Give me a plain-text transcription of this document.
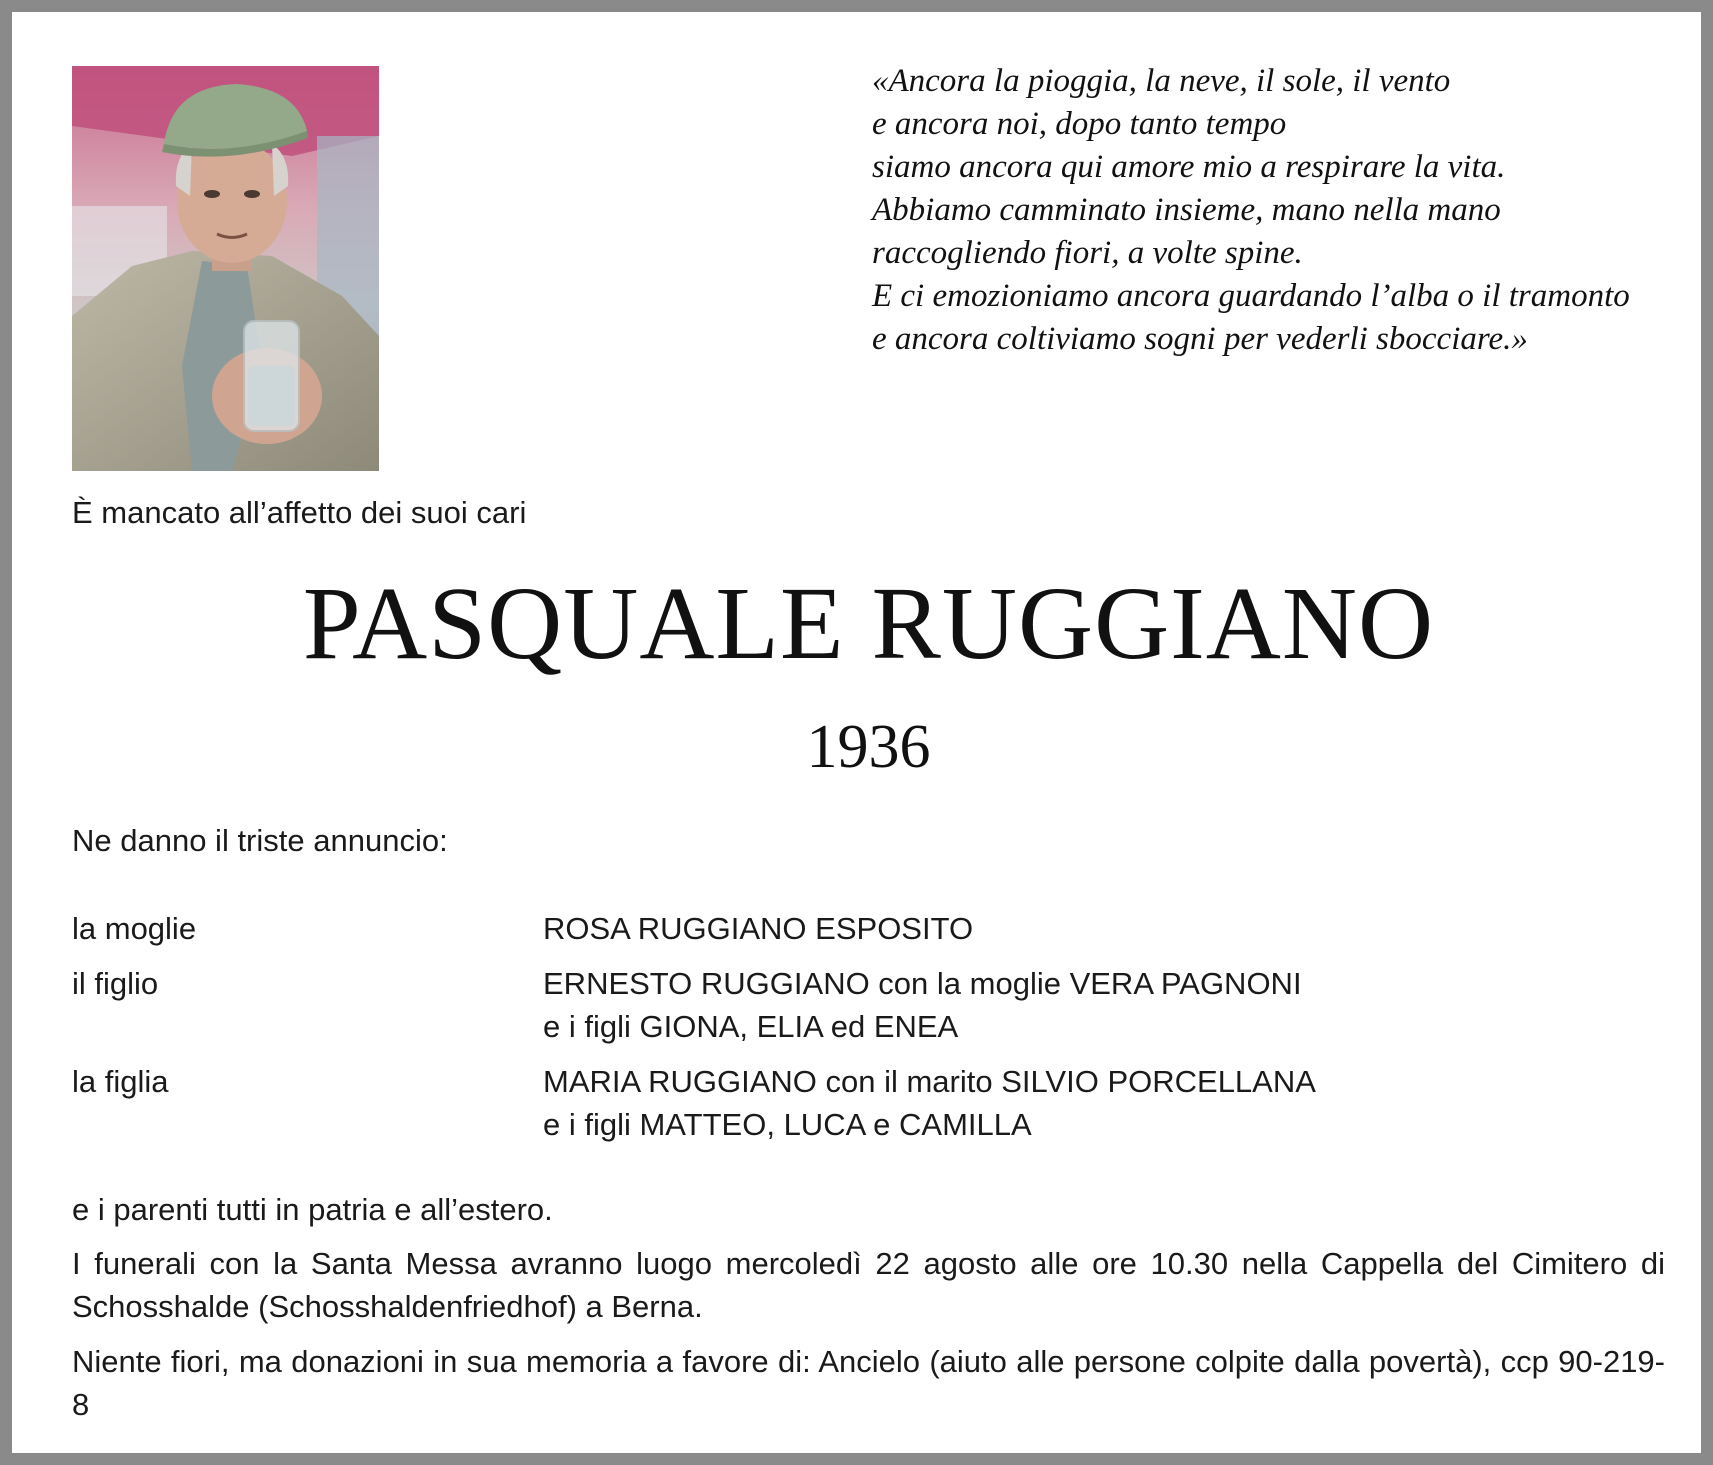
«Ancora la pioggia, la neve, il sole, il vento
e ancora noi, dopo tanto tempo
siamo ancora qui amore mio a respirare la vita.
Abbiamo camminato insieme, mano nella mano
raccogliendo fiori, a volte spine.
E ci emozioniamo ancora guardando l’alba o il tramonto
e ancora coltiviamo sogni per vederli sbocciare.»
È mancato all’affetto dei suoi cari
PASQUALE RUGGIANO
1936
Ne danno il triste annuncio:
la moglie	ROSA RUGGIANO ESPOSITO
il figlio	ERNESTO RUGGIANO con la moglie VERA PAGNONI
e i figli GIONA, ELIA ed ENEA
la figlia	MARIA RUGGIANO con il marito SILVIO PORCELLANA
e i figli MATTEO, LUCA e CAMILLA
e i parenti tutti in patria e all’estero.
I funerali con la Santa Messa avranno luogo mercoledì 22 agosto alle ore 10.30 nella Cappella del Cimitero di Schosshalde (Schosshaldenfriedhof) a Berna.
Niente fiori, ma donazioni in sua memoria a favore di: Ancielo (aiuto alle persone colpite dalla povertà), ccp 90-219-8
